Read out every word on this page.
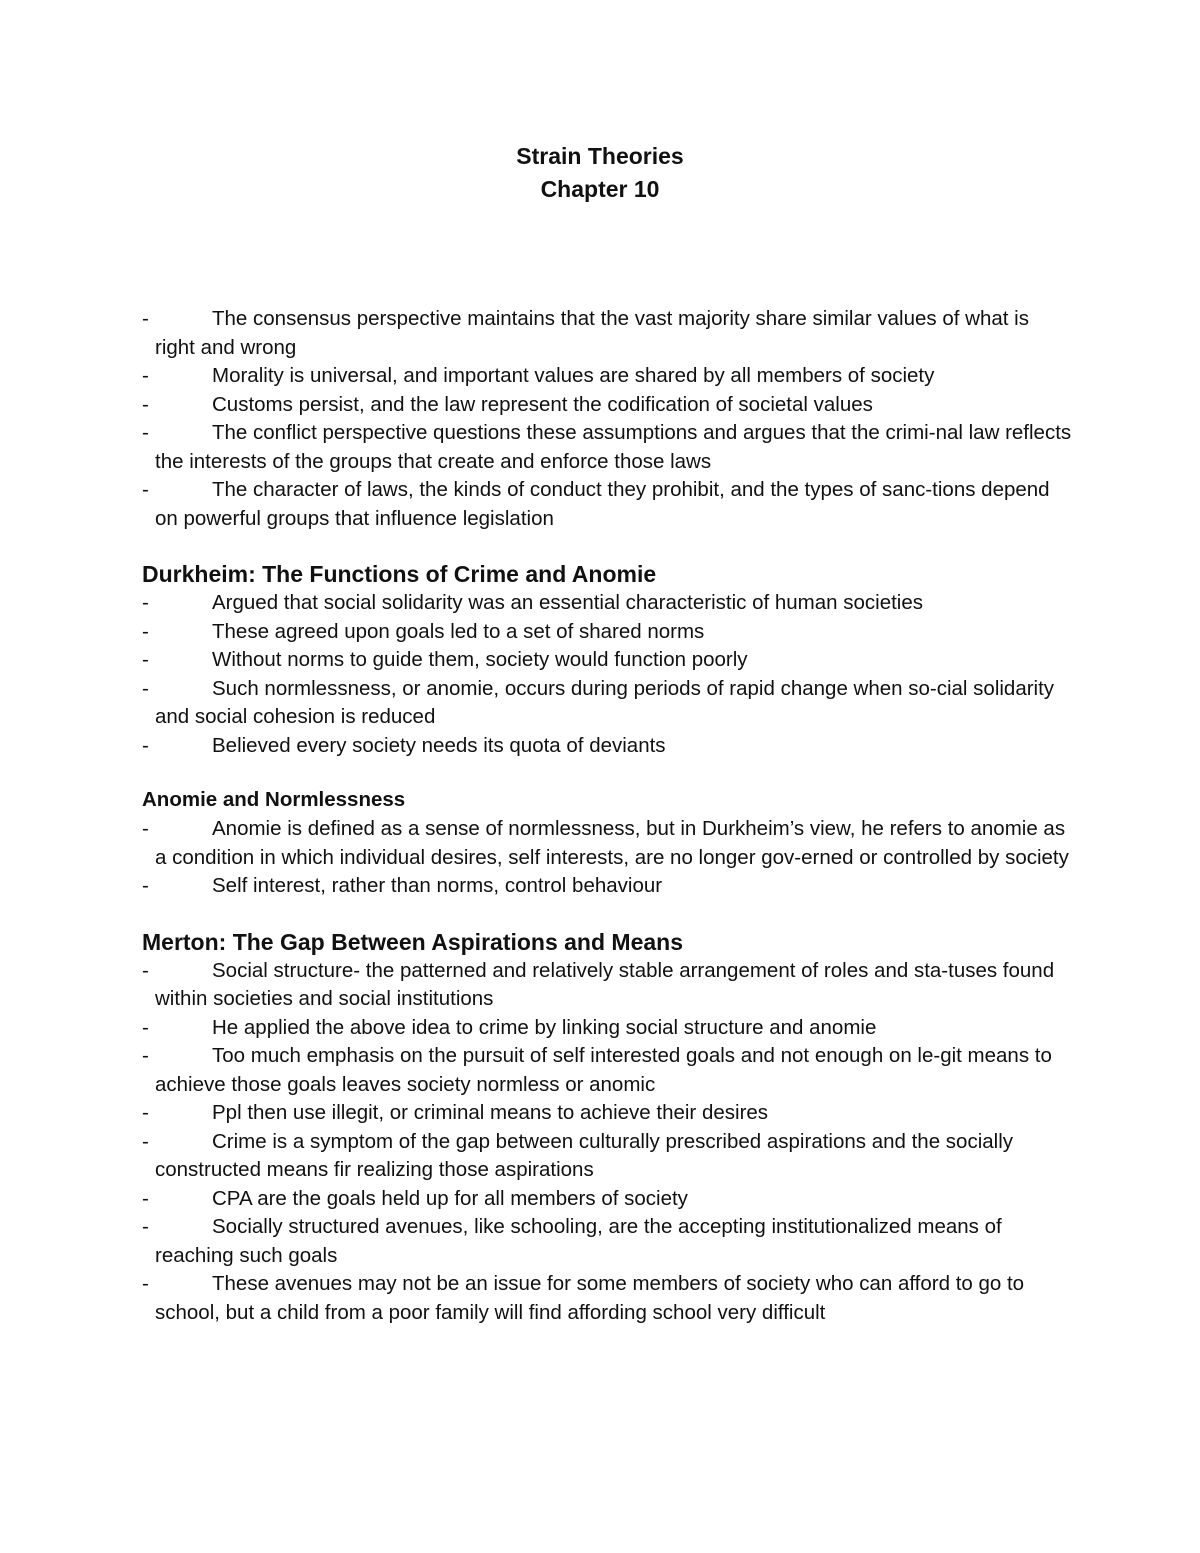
Strain Theories
Chapter 10

-	The consensus perspective maintains that the vast majority share similar values of what is right and wrong

-	Morality is universal, and important values are shared by all members of society

-	Customs persist, and the law represent the codification of societal values

-	The conflict perspective questions these assumptions and argues that the crimi-nal law reflects the interests of the groups that create and enforce those laws

-	The character of laws, the kinds of conduct they prohibit, and the types of sanc-tions depend on powerful groups that influence legislation

Durkheim: The Functions of Crime and Anomie

-	Argued that social solidarity was an essential characteristic of human societies

-	These agreed upon goals led to a set of shared norms

-	Without norms to guide them, society would function poorly

-	Such normlessness, or anomie, occurs during periods of rapid change when so-cial solidarity and social cohesion is reduced

-	Believed every society needs its quota of deviants

Anomie and Normlessness

-	Anomie is defined as a sense of normlessness, but in Durkheim’s view, he refers to anomie as a condition in which individual desires, self interests, are no longer gov-erned or controlled by society

-	Self interest, rather than norms, control behaviour

Merton: The Gap Between Aspirations and Means

-	Social structure- the patterned and relatively stable arrangement of roles and sta-tuses found within societies and social institutions

-	He applied the above idea to crime by linking social structure and anomie

-	Too much emphasis on the pursuit of self interested goals and not enough on le-git means to achieve those goals leaves society normless or anomic

-	Ppl then use illegit, or criminal means to achieve their desires

-	Crime is a symptom of the gap between culturally prescribed aspirations and the socially constructed means fir realizing those aspirations

-	CPA are the goals held up for all members of society

-	Socially structured avenues, like schooling, are the accepting institutionalized means of reaching such goals

-	These avenues may not be an issue for some members of society who can afford to go to school, but a child from a poor family will find affording school very difficult
